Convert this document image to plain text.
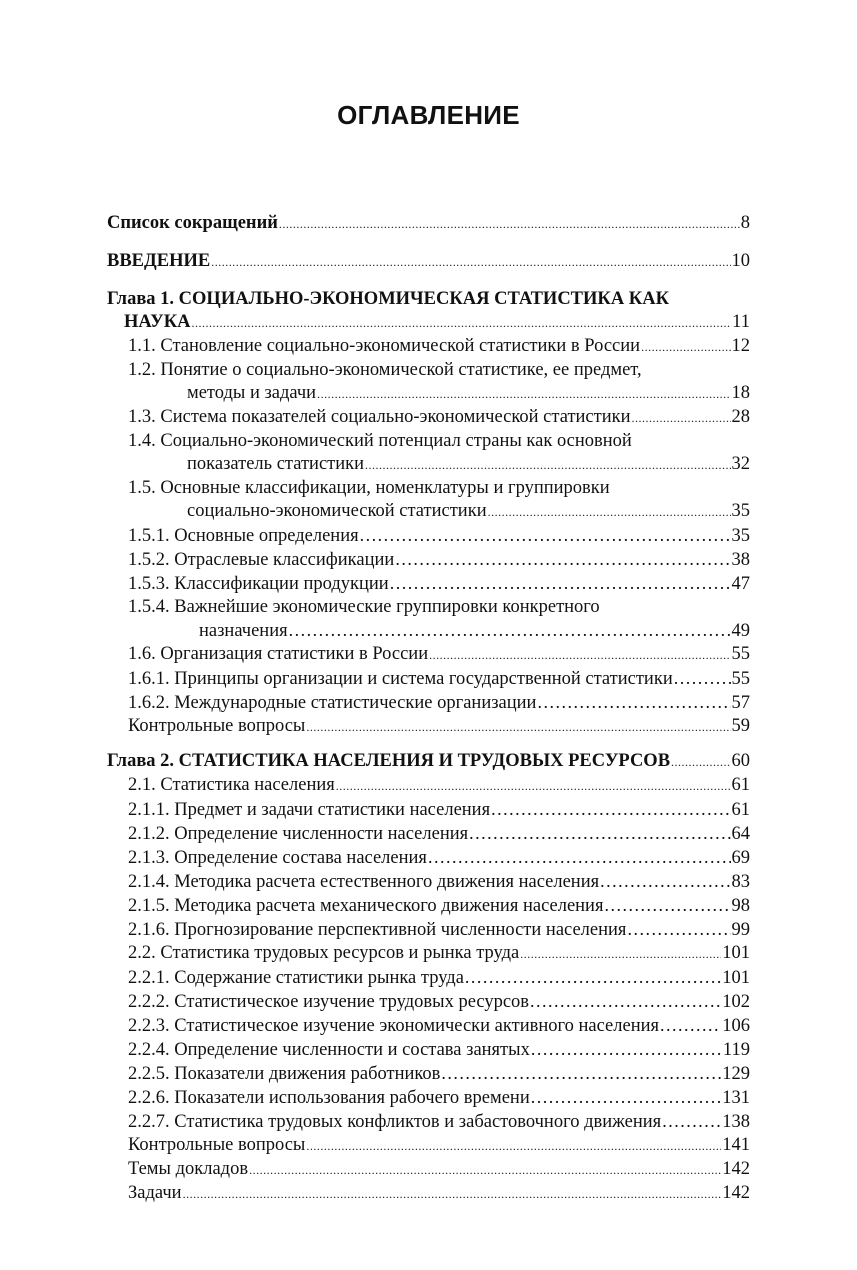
ОГЛАВЛЕНИЕ
Список сокращений .....	8
ВВЕДЕНИЕ .....	10
Глава 1. СОЦИАЛЬНО-ЭКОНОМИЧЕСКАЯ СТАТИСТИКА КАК
НАУКА .....	11
1.1. Становление социально-экономической статистики в России .....	12
1.2. Понятие о социально-экономической статистике, ее предмет,
методы и задачи .....	18
1.3. Система показателей социально-экономической статистики .....	28
1.4. Социально-экономический потенциал страны как основной
показатель статистики .....	32
1.5. Основные классификации, номенклатуры и группировки
социально-экономической статистики .....	35
1.5.1. Основные определения .....	35
1.5.2. Отраслевые классификации .....	38
1.5.3. Классификации продукции .....	47
1.5.4. Важнейшие экономические группировки конкретного
назначения .....	49
1.6. Организация статистики в России .....	55
1.6.1. Принципы организации и система государственной статистики .....	55
1.6.2. Международные статистические организации .....	57
Контрольные вопросы .....	59
Глава 2. СТАТИСТИКА НАСЕЛЕНИЯ И ТРУДОВЫХ РЕСУРСОВ .....	60
2.1. Статистика населения .....	61
2.1.1. Предмет и задачи статистики населения .....	61
2.1.2. Определение численности населения .....	64
2.1.3. Определение состава населения .....	69
2.1.4. Методика расчета естественного движения населения .....	83
2.1.5. Методика расчета механического движения населения .....	98
2.1.6. Прогнозирование перспективной численности населения .....	99
2.2. Статистика трудовых ресурсов и рынка труда .....	101
2.2.1. Содержание статистики рынка труда .....	101
2.2.2. Статистическое изучение трудовых ресурсов .....	102
2.2.3. Статистическое изучение экономически активного населения .....	106
2.2.4. Определение численности и состава занятых .....	119
2.2.5. Показатели движения работников .....	129
2.2.6. Показатели использования рабочего времени .....	131
2.2.7. Статистика трудовых конфликтов и забастовочного движения .....	138
Контрольные вопросы .....	141
Темы докладов .....	142
Задачи .....	142
